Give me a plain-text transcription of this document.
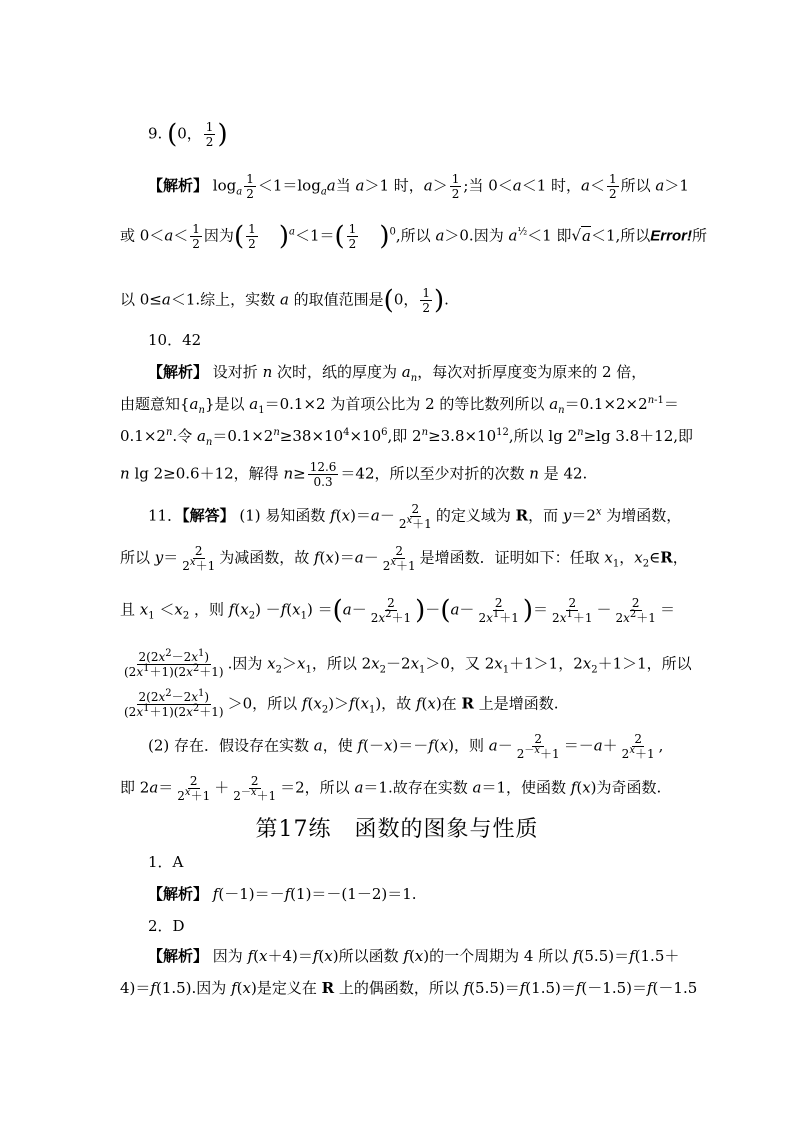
9. (0， $\frac{1}{2}$ )
【解析】 $\log_a \frac{1}{2} <1=\log_aa$当 a＞1 时，$a> \frac{1}{2}$ ;当 0＜a＜1 时，$a< \frac{1}{2}$ 所以 a＞1
或 $0<a< \frac{1}{2}$ 因为( $\frac{1}{2} )^a<1=( \frac{1}{2} )^0$,所以 a＞0.因为 $a^{\frac{1}{2}}<1$ 即√a＜1,所以Error!所
以 0≤a＜1.综上，实数 a 的取值范围是(0， $\frac{1}{2}$ ).
10．42
【解析】 设对折 n 次时，纸的厚度为 $a_n$，每次对折厚度变为原来的 2 倍，
由题意知$\{a_n\}$是以 $a_1=0.1\times 2$ 为首项公比为 2 的等比数列所以 $a_n=0.1\times 2\times 2^{n-1}=$
$0.1\times 2^n$.令 $a_n=0.1\times 2^n\ge 38\times 10^4\times 10^6$,即 $2^n\ge 3.8\times 10^{12}$,所以 $\lg 2^n\ge\lg$ 3.8＋12,即
n lg 2≥0.6＋12，解得 $n\ge \frac{12.6}{0.3} =42$，所以至少对折的次数 n 是 42.
11．【解答】 (1) 易知函数 $f(x)=a- \frac{2}{2^x+1}$ 的定义域为 R，而 $y=2^x$ 为增函数，
所以 $y= \frac{2}{2^x+1}$ 为减函数，故 $f(x)=a- \frac{2}{2^x+1}$ 是增函数．证明如下：任取 $x_1$，$x_2\in R$，
且 $x_1 <x_2$ ，则 $f(x_2) -f(x_1) =(a- \frac{2}{2x^2+1} )-(a- \frac{2}{2x^1+1}$ )＝ $\frac{2}{2x^1+1} - \frac{2}{2x^2+1}$ ＝
$\frac{2(2x^2-2x^1)}{(2x^1+1)(2x^2+1)}$ .因为 $x_2>x_1$，所以 $2x_2-2x_1>0$，又 $2x_1+1>1$，$2x_2+1>1$，所以
$\frac{2(2x^2-2x^1)}{(2x^1+1)(2x^2+1)} >0$，所以 $f(x_2)>f(x_1)$，故 f(x)在 R 上是增函数.
(2) 存在．假设存在实数 a，使 f(－x)＝－f(x)，则 $a- \frac{2}{2^{-x}+1} =-a+ \frac{2}{2^x+1}$ ,
即 $2a= \frac{2}{2^x+1} + \frac{2}{2^{-x}+1} =2$，所以 a＝1.故存在实数 a＝1，使函数 f(x)为奇函数.
第17练　函数的图象与性质
1．A
【解析】 f(－1)＝－f(1)＝－(1－2)＝1.
2．D
【解析】 因为 f(x＋4)＝f(x)所以函数 f(x)的一个周期为 4 所以 f(5.5)＝f(1.5＋
4)＝f(1.5).因为 f(x)是定义在 R 上的偶函数，所以 f(5.5)＝f(1.5)＝f(－1.5)＝f(－1.5
